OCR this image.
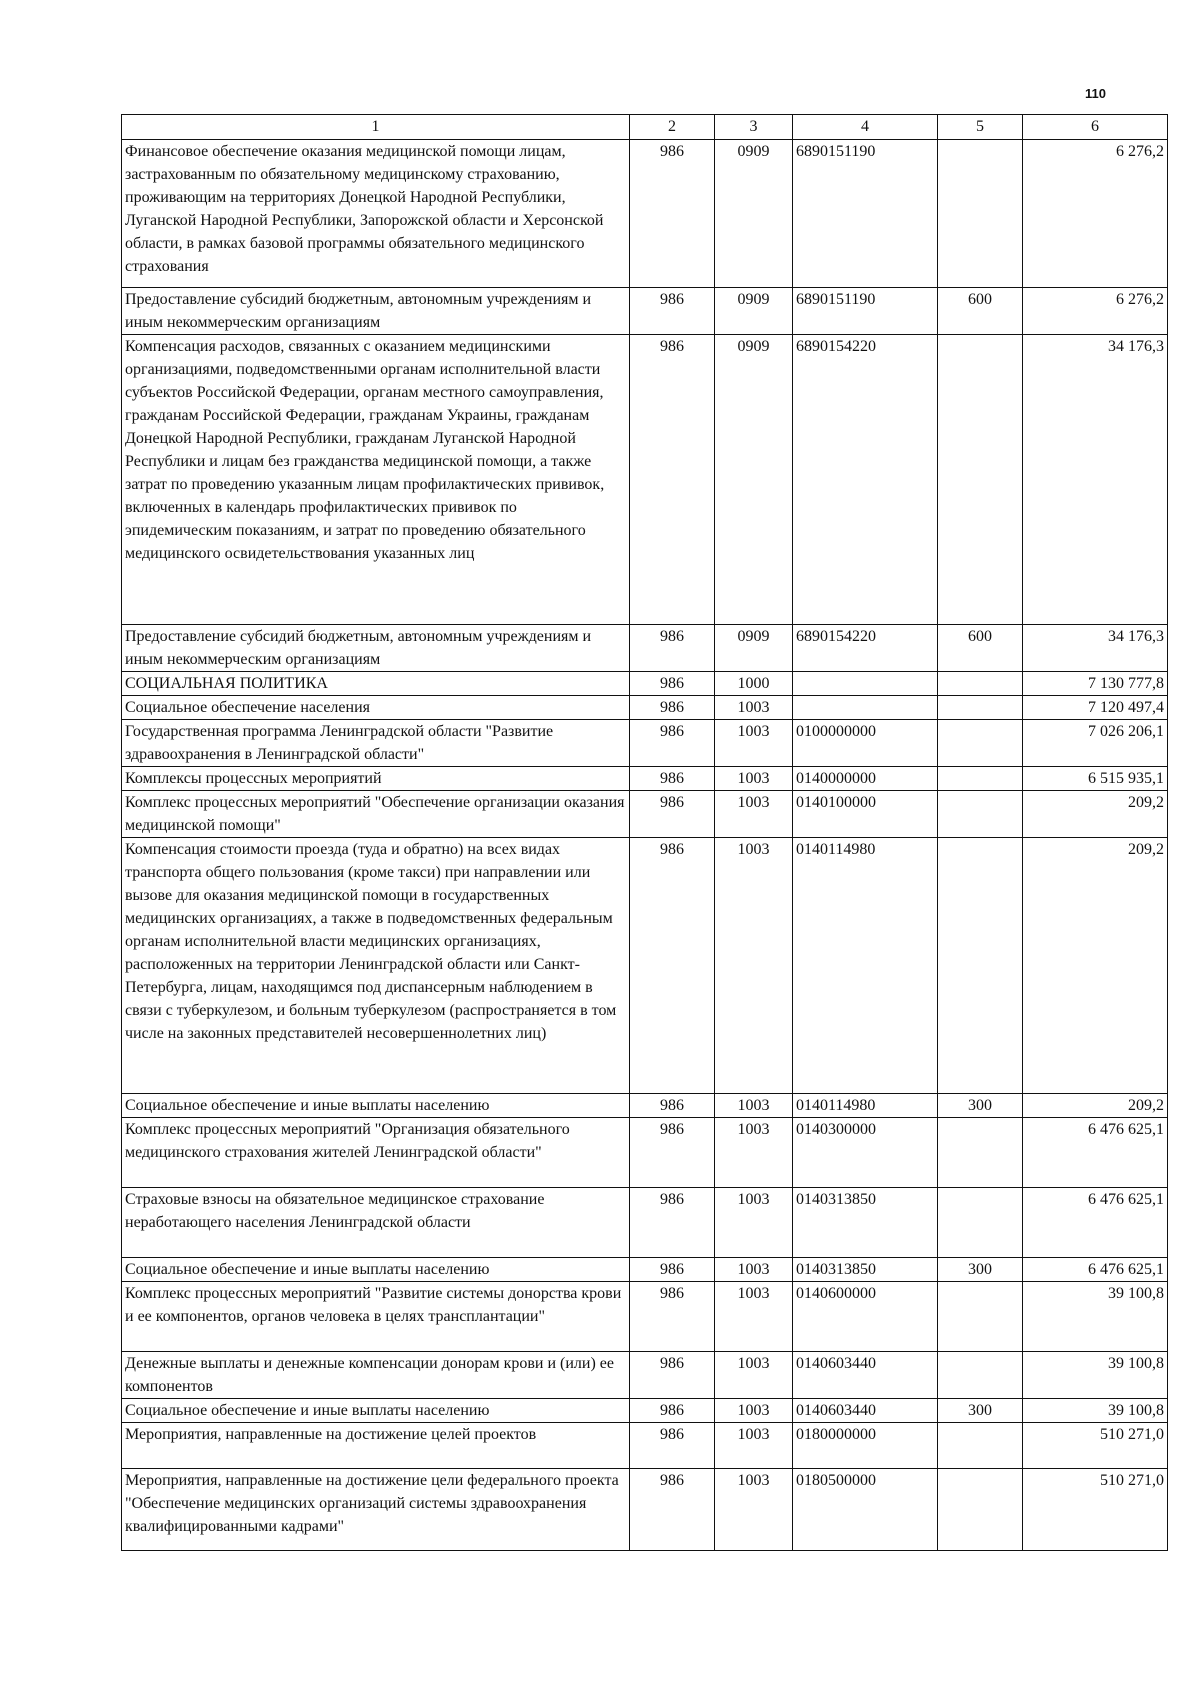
110
1	2	3	4	5	6
Финансовое обеспечение оказания медицинской помощи лицам, застрахованным по обязательному медицинскому страхованию, проживающим на территориях Донецкой Народной Республики, Луганской Народной Республики, Запорожской области и Херсонской области, в рамках базовой программы обязательного медицинского страхования	986	0909	6890151190		6 276,2
Предоставление субсидий бюджетным, автономным учреждениям и иным некоммерческим организациям	986	0909	6890151190	600	6 276,2
Компенсация расходов, связанных с оказанием медицинскими организациями, подведомственными органам исполнительной власти субъектов Российской Федерации, органам местного самоуправления, гражданам Российской Федерации, гражданам Украины, гражданам Донецкой Народной Республики, гражданам Луганской Народной Республики и лицам без гражданства медицинской помощи, а также затрат по проведению указанным лицам профилактических прививок, включенных в календарь профилактических прививок по эпидемическим показаниям, и затрат по проведению обязательного медицинского освидетельствования указанных лиц	986	0909	6890154220		34 176,3
Предоставление субсидий бюджетным, автономным учреждениям и иным некоммерческим организациям	986	0909	6890154220	600	34 176,3
СОЦИАЛЬНАЯ ПОЛИТИКА	986	1000			7 130 777,8
Социальное обеспечение населения	986	1003			7 120 497,4
Государственная программа Ленинградской области "Развитие здравоохранения в Ленинградской области"	986	1003	0100000000		7 026 206,1
Комплексы процессных мероприятий	986	1003	0140000000		6 515 935,1
Комплекс процессных мероприятий "Обеспечение организации оказания медицинской помощи"	986	1003	0140100000		209,2
Компенсация стоимости проезда (туда и обратно) на всех видах транспорта общего пользования (кроме такси) при направлении или вызове для оказания медицинской помощи в государственных медицинских организациях, а также в подведомственных федеральным органам исполнительной власти медицинских организациях, расположенных на территории Ленинградской области или Санкт-Петербурга, лицам, находящимся под диспансерным наблюдением в связи с туберкулезом, и больным туберкулезом (распространяется в том числе на законных представителей несовершеннолетних лиц)	986	1003	0140114980		209,2
Социальное обеспечение и иные выплаты населению	986	1003	0140114980	300	209,2
Комплекс процессных мероприятий "Организация обязательного медицинского страхования жителей Ленинградской области"	986	1003	0140300000		6 476 625,1
Страховые взносы на обязательное медицинское страхование неработающего населения Ленинградской области	986	1003	0140313850		6 476 625,1
Социальное обеспечение и иные выплаты населению	986	1003	0140313850	300	6 476 625,1
Комплекс процессных мероприятий "Развитие системы донорства крови и ее компонентов, органов человека в целях трансплантации"	986	1003	0140600000		39 100,8
Денежные выплаты и денежные компенсации донорам крови и (или) ее компонентов	986	1003	0140603440		39 100,8
Социальное обеспечение и иные выплаты населению	986	1003	0140603440	300	39 100,8
Мероприятия, направленные на достижение целей проектов	986	1003	0180000000		510 271,0
Мероприятия, направленные на достижение цели федерального проекта "Обеспечение медицинских организаций системы здравоохранения квалифицированными кадрами"	986	1003	0180500000		510 271,0
